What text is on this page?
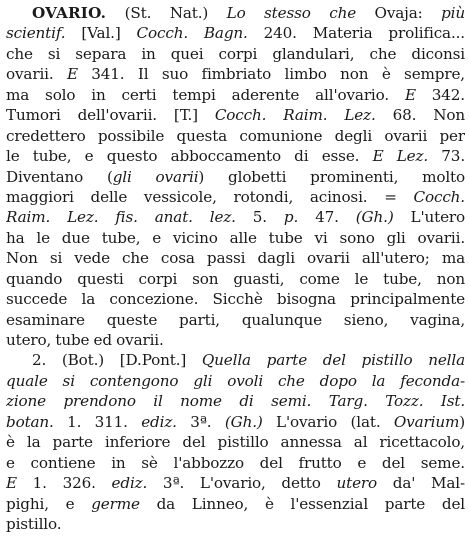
OVARIO. (St. Nat.) Lo stesso che Ovaja: più
scientif. [Val.] Cocch. Bagn. 240. Materia prolifica...
che si separa in quei corpi glandulari, che diconsi
ovarii. E 341. Il suo fimbriato limbo non è sempre,
ma solo in certi tempi aderente all'ovario. E 342.
Tumori dell'ovarii. [T.] Cocch. Raim. Lez. 68. Non
credettero possibile questa comunione degli ovarii per
le tube, e questo abboccamento di esse. E Lez. 73.
Diventano (gli ovarii) globetti prominenti, molto
maggiori delle vessicole, rotondi, acinosi. = Cocch.
Raim. Lez. fis. anat. lez. 5. p. 47. (Gh.) L'utero
ha le due tube, e vicino alle tube vi sono gli ovarii.
Non si vede che cosa passi dagli ovarii all'utero; ma
quando questi corpi son guasti, come le tube, non
succede la concezione. Sicchè bisogna principalmente
esaminare queste parti, qualunque sieno, vagina,
utero, tube ed ovarii.
2. (Bot.) [D.Pont.] Quella parte del pistillo nella
quale si contengono gli ovoli che dopo la feconda-
zione prendono il nome di semi. Targ. Tozz. Ist.
botan. 1. 311. ediz. 3ª. (Gh.) L'ovario (lat. Ovarium)
è la parte inferiore del pistillo annessa al ricettacolo,
e contiene in sè l'abbozzo del frutto e del seme.
E 1. 326. ediz. 3ª. L'ovario, detto utero da' Mal-
pighi, e germe da Linneo, è l'essenzial parte del
pistillo.
